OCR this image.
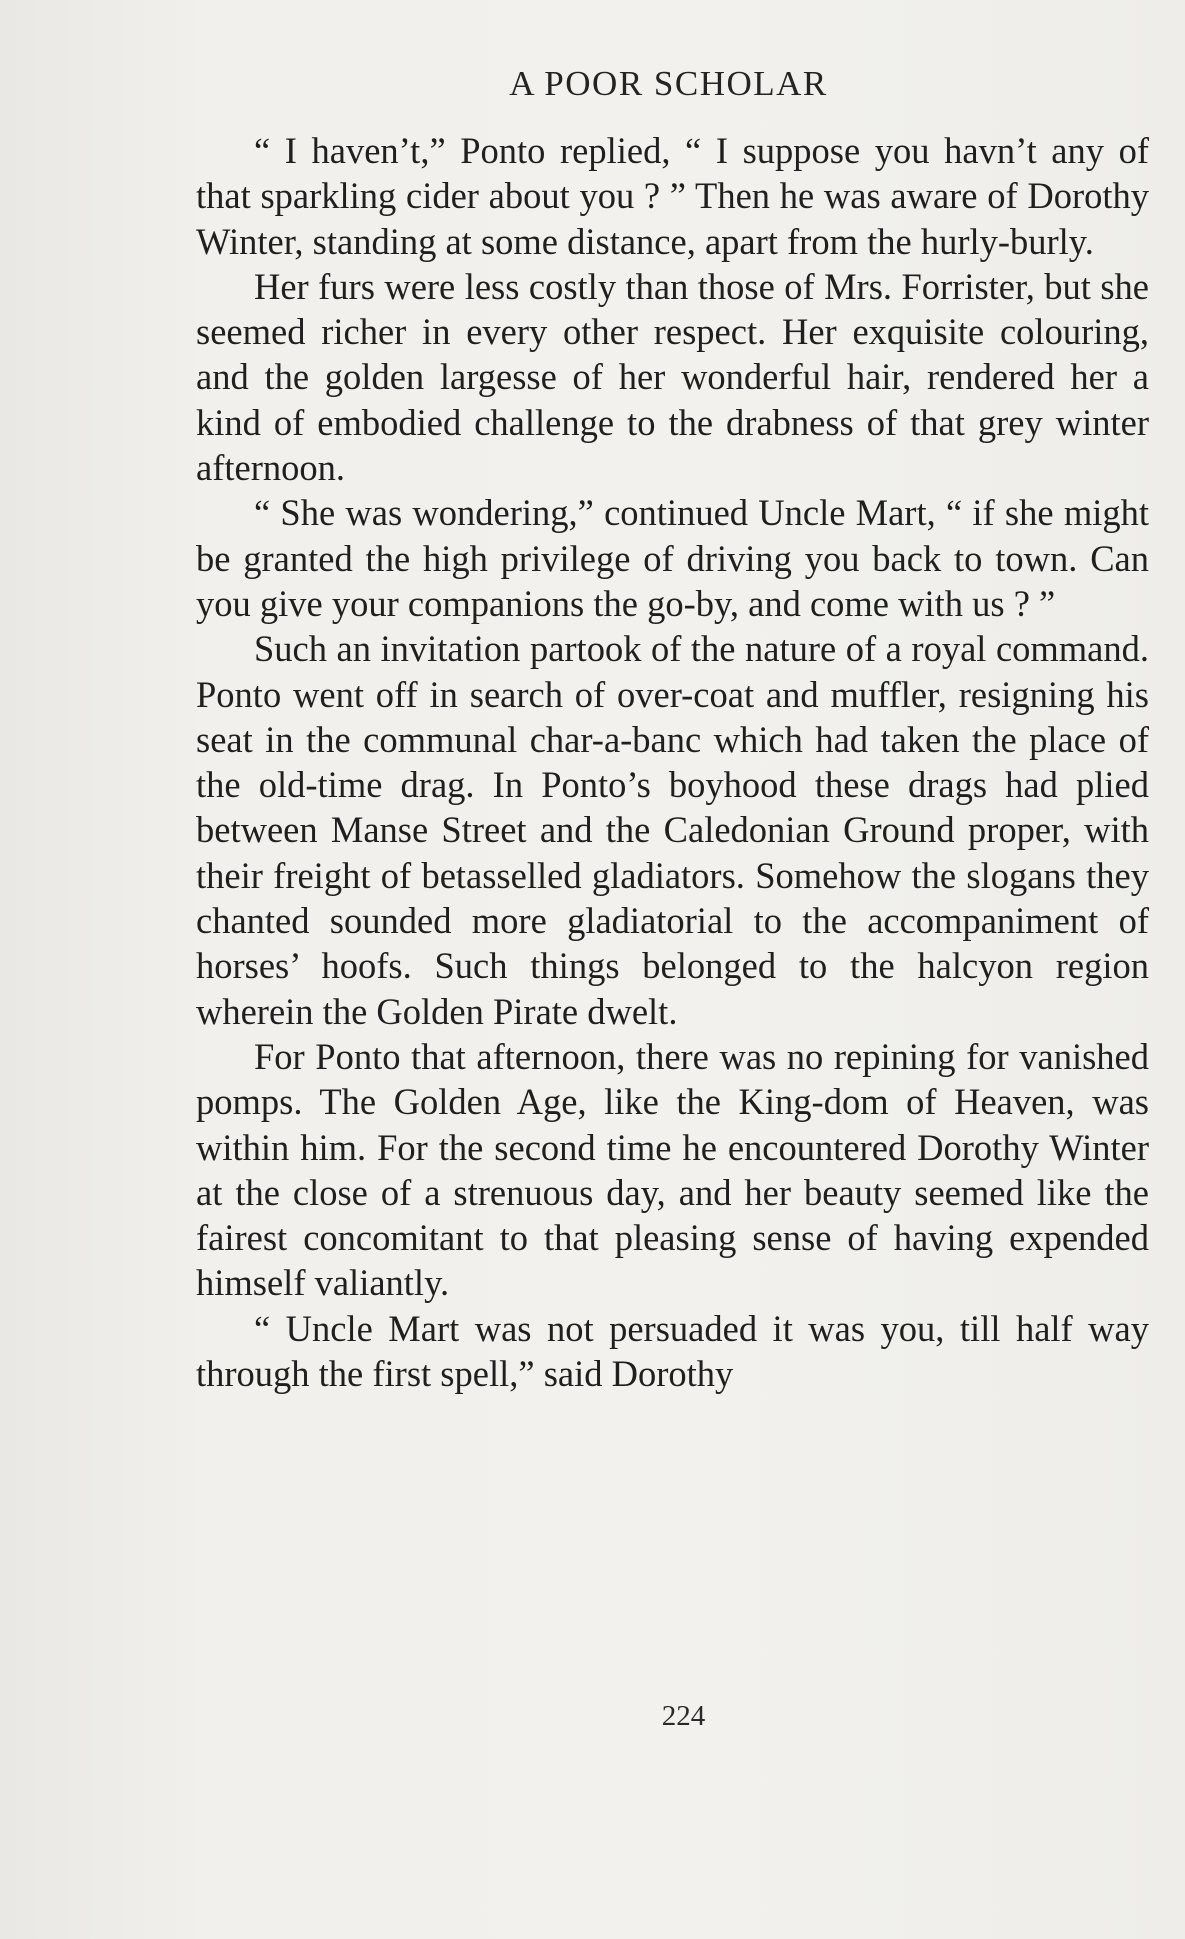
A POOR SCHOLAR

“ I haven’t,” Ponto replied, “ I suppose you havn’t any of that sparkling cider about you ? ” Then he was aware of Dorothy Winter, standing at some distance, apart from the hurly-burly.

Her furs were less costly than those of Mrs. Forrister, but she seemed richer in every other respect. Her exquisite colouring, and the golden largesse of her wonderful hair, rendered her a kind of embodied challenge to the drabness of that grey winter afternoon.

“ She was wondering,” continued Uncle Mart, “ if she might be granted the high privilege of driving you back to town. Can you give your companions the go-by, and come with us ? ”

Such an invitation partook of the nature of a royal command. Ponto went off in search of over-coat and muffler, resigning his seat in the communal char-a-banc which had taken the place of the old-time drag. In Ponto’s boyhood these drags had plied between Manse Street and the Caledonian Ground proper, with their freight of betasselled gladiators. Somehow the slogans they chanted sounded more gladiatorial to the accompaniment of horses’ hoofs. Such things belonged to the halcyon region wherein the Golden Pirate dwelt.

For Ponto that afternoon, there was no repining for vanished pomps. The Golden Age, like the King-dom of Heaven, was within him. For the second time he encountered Dorothy Winter at the close of a strenuous day, and her beauty seemed like the fairest concomitant to that pleasing sense of having expended himself valiantly.

“ Uncle Mart was not persuaded it was you, till half way through the first spell,” said Dorothy

224
